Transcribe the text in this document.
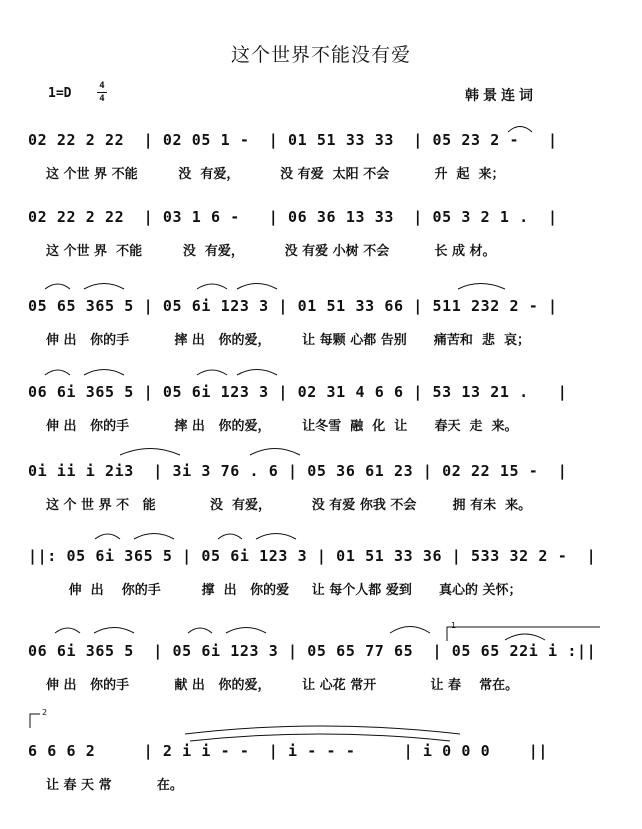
这个世界不能没有爱
1=D	4
4	韩景连词
02 22 2 22  | 02 05 1 -  | 01 51 33 33  | 05 23 2 -   |
这 个世 界 不能         没  有爱，         没 有爱  太阳 不会          升  起  来；
02 22 2 22  | 03 1 6 -   | 06 36 13 33  | 05 3 2 1 .  |
这 个世 界  不能         没  有爱，         没 有爱 小树 不会          长 成 材。
05 65 365 5 | 05 6i 123 3 | 01 51 33 66 | 511 232 2 - |
伸 出   你的手          摔 出   你的爱，       让 每颗 心都 告别      痛苦和  悲  哀；
06 6i 365 5 | 05 6i 123 3 | 02 31 4 6 6 | 53 13 21 .   |
伸 出   你的手          摔 出   你的爱，       让冬雪  融  化  让      春天  走  来。
0i ii i 2i3  | 3i 3 76 . 6 | 05 36 61 23 | 02 22 15 -  |
这 个 世 界 不   能            没  有爱，         没 有爱 你我 不会        拥 有未  来。
||: 05 6i 365 5 | 05 6i 123 3 | 01 51 33 36 | 533 32 2 -  |
伸  出    你的手         撑  出   你的爱     让 每个人都 爱到      真心的 关怀；
06 6i 365 5  | 05 6i 123 3 | 05 65 77 65  | 05 65 22i i :||
伸 出   你的手          献 出   你的爱，       让 心花 常开            让 春    常在。
6 6 6 2     | 2 i i - -  | i - - -     | i 0 0 0    ||
让 春 天 常          在。
1
2
